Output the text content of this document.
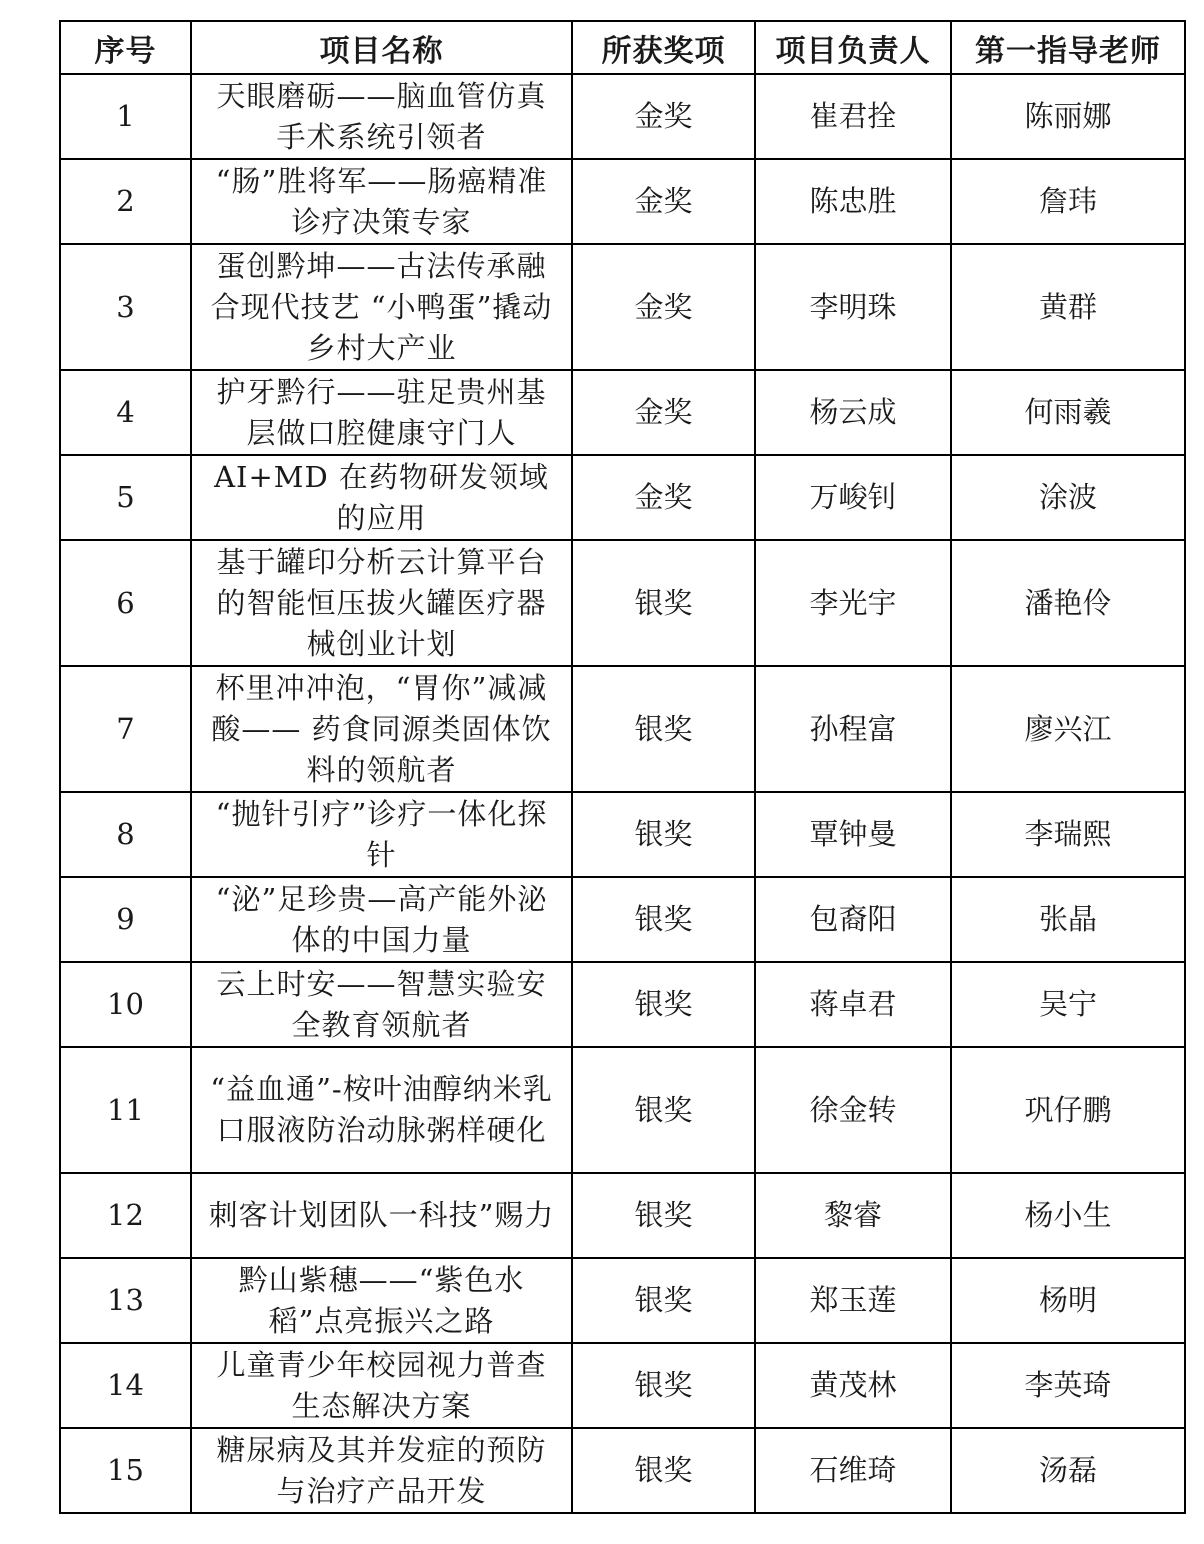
序号	项目名称	所获奖项	项目负责人	第一指导老师
1	天眼磨砺——脑血管仿真手术系统引领者	金奖	崔君拴	陈丽娜
2	“肠”胜将军——肠癌精准诊疗决策专家	金奖	陈忠胜	詹玮
3	蛋创黔坤——古法传承融合现代技艺 “小鸭蛋”撬动乡村大产业	金奖	李明珠	黄群
4	护牙黔行——驻足贵州基层做口腔健康守门人	金奖	杨云成	何雨羲
5	AI+MD 在药物研发领域的应用	金奖	万峻钊	涂波
6	基于罐印分析云计算平台的智能恒压拔火罐医疗器械创业计划	银奖	李光宇	潘艳伶
7	杯里冲冲泡，“胃你”减减酸—— 药食同源类固体饮料的领航者	银奖	孙程富	廖兴江
8	“抛针引疗”诊疗一体化探针	银奖	覃钟曼	李瑞熙
9	“泌”足珍贵—高产能外泌体的中国力量	银奖	包裔阳	张晶
10	云上时安——智慧实验安全教育领航者	银奖	蒋卓君	吴宁
11	“益血通”-桉叶油醇纳米乳口服液防治动脉粥样硬化	银奖	徐金转	巩仔鹏
12	刺客计划团队一科技”赐力	银奖	黎睿	杨小生
13	黔山紫穗——“紫色水稻”点亮振兴之路	银奖	郑玉莲	杨明
14	儿童青少年校园视力普查生态解决方案	银奖	黄茂林	李英琦
15	糖尿病及其并发症的预防与治疗产品开发	银奖	石维琦	汤磊
